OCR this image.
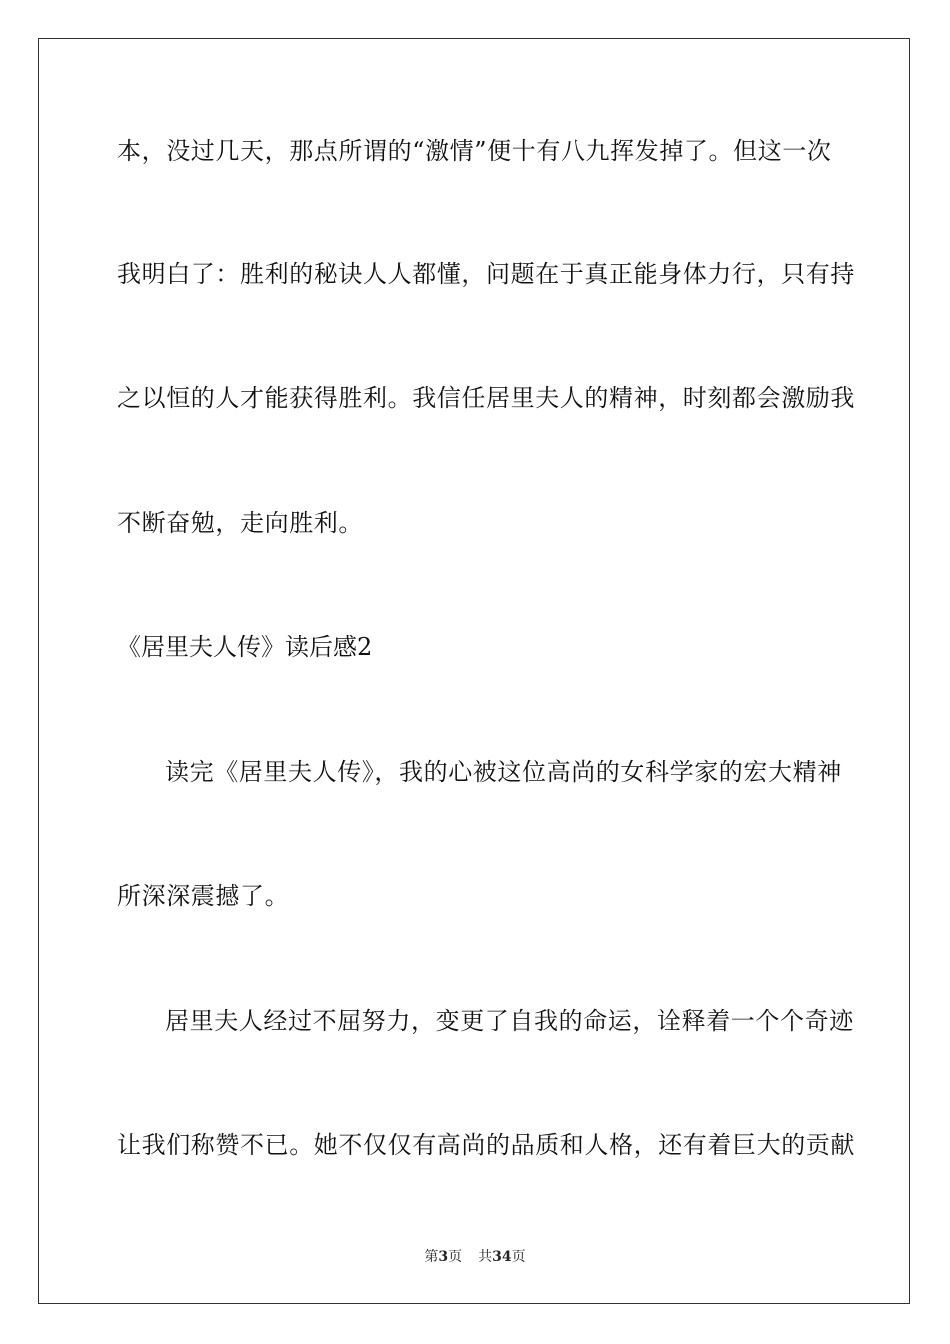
本，没过几天，那点所谓的“激情”便十有八九挥发掉了。但这一次
我明白了：胜利的秘诀人人都懂，问题在于真正能身体力行，只有持
之以恒的人才能获得胜利。我信任居里夫人的精神，时刻都会激励我
不断奋勉，走向胜利。
《居里夫人传》读后感2
读完《居里夫人传》，我的心被这位高尚的女科学家的宏大精神
所深深震撼了。
居里夫人经过不屈努力，变更了自我的命运，诠释着一个个奇迹
让我们称赞不已。她不仅仅有高尚的品质和人格，还有着巨大的贡献
第3页 共34页
